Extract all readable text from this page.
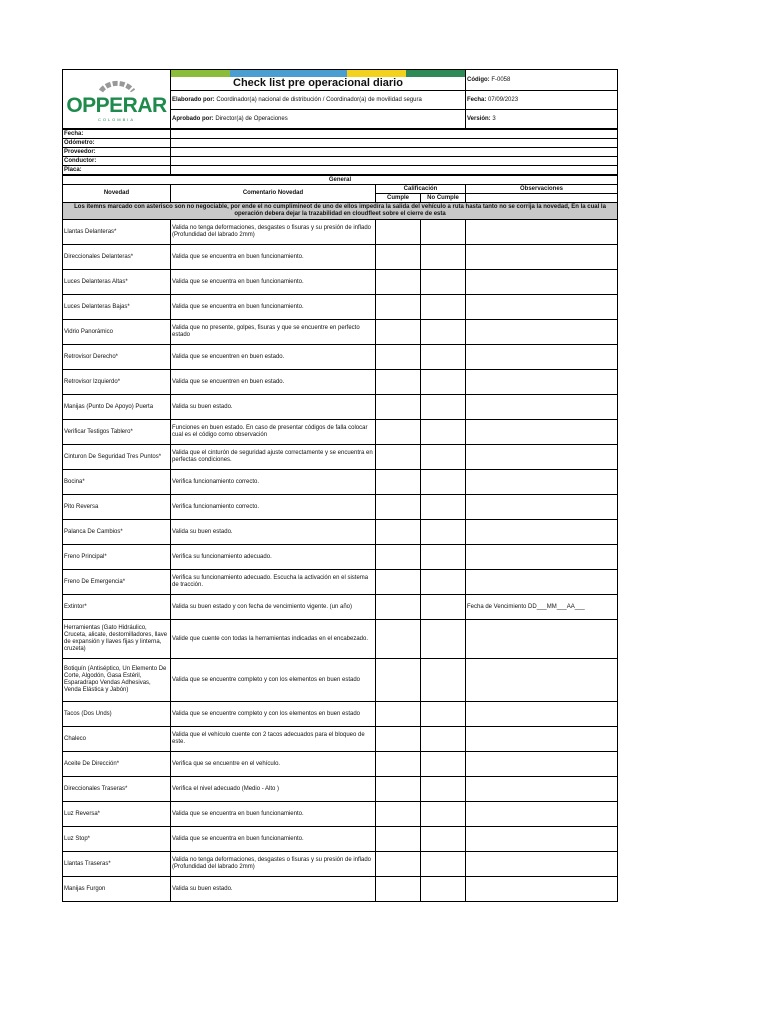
OPPERAR
COLOMBIA	Check list pre operacional diario	Código: F-0058
	Elaborado por: Coordinador(a) nacional de distribución / Coordinador(a) de movilidad segura	Fecha: 07/09/2023
	Aprobado por: Director(a) de Operaciones	Versión: 3
Fecha:	
Odómetro:	
Proveedor:	
Conductor:	
Placa:	
General				
Novedad	Comentario Novedad	Calificación		Observaciones
		Cumple	No Cumple	
Los ítemns marcado con asterisco son no negociable, por ende el no cumplimineot de uno de ellos impedira la salida del vehículo a ruta hasta tanto no se corrija la novedad, En la cual la operación debera dejar la trazabilidad en cloudfleet sobre el cierre de esta				
Llantas Delanteras*	Valida no tenga deformaciones, desgastes o fisuras y su presión de inflado (Profundidad del labrado 2mm)			
Direccionales Delanteras*	Valida que se encuentra en buen funcionamiento.			
Luces Delanteras Altas*	Valida que se encuentra en buen funcionamiento.			
Luces Delanteras Bajas*	Valida que se encuentra en buen funcionamiento.			
Vidrio Panorámico	Valida que no presente, golpes, fisuras y que se encuentre en perfecto estado			
Retrovisor Derecho*	Valida que se encuentren en buen estado.			
Retrovisor Izquierdo*	Valida que se encuentren en buen estado.			
Manijas (Punto De Apoyo) Puerta	Valida su buen estado.			
Verificar Testigos Tablero*	Funciones en buen estado. En caso de presentar códigos de falla colocar cual es el código como observación			
Cinturon De Seguridad Tres Puntos*	Valida que el cinturón de seguridad ajuste correctamente y se encuentra en perfectas condiciones.			
Bocina*	Verifica funcionamiento correcto.			
Pito Reversa	Verifica funcionamiento correcto.			
Palanca De Cambios*	Valida su buen estado.			
Freno Principal*	Verifica su funcionamiento adecuado.			
Freno De Emergencia*	Verifica su funcionamiento adecuado. Escucha la activación en el sistema de tracción.			
Extintor*	Valida su buen estado y con fecha de vencimiento vigente. (un año)			Fecha de Vencimiento DD___MM___AA___
Herramientas (Gato Hidráulico, Cruceta, alicate, destornilladores, llave de expansión y llaves fijas y linterna, cruzeta)	Valide que cuente con todas la herramientas indicadas en el encabezado.			
Botiquín (Antiséptico, Un Elemento De Corte, Algodón, Gasa Estéril, Esparadrapo Vendas Adhesivas, Venda Elástica y Jabón)	Valida que se encuentre completo y con los elementos en buen estado			
Tacos (Dos Unds)	Valida que se encuentre completo y con los elementos en buen estado			
Chaleco	Valida que el vehículo cuente con 2 tacos adecuados para el bloqueo de este.			
Aceite De Dirección*	Verifica que se encuentre en el vehículo.			
Direccionales Traseras*	Verifica el nivel adecuado (Medio - Alto )			
Luz Reversa*	Valida que se encuentra en buen funcionamiento.			
Luz Stop*	Valida que se encuentra en buen funcionamiento.			
Llantas Traseras*	Valida no tenga deformaciones, desgastes o fisuras y su presión de inflado (Profundidad del labrado 2mm)			
Manijas Furgon	Valida su buen estado.			
